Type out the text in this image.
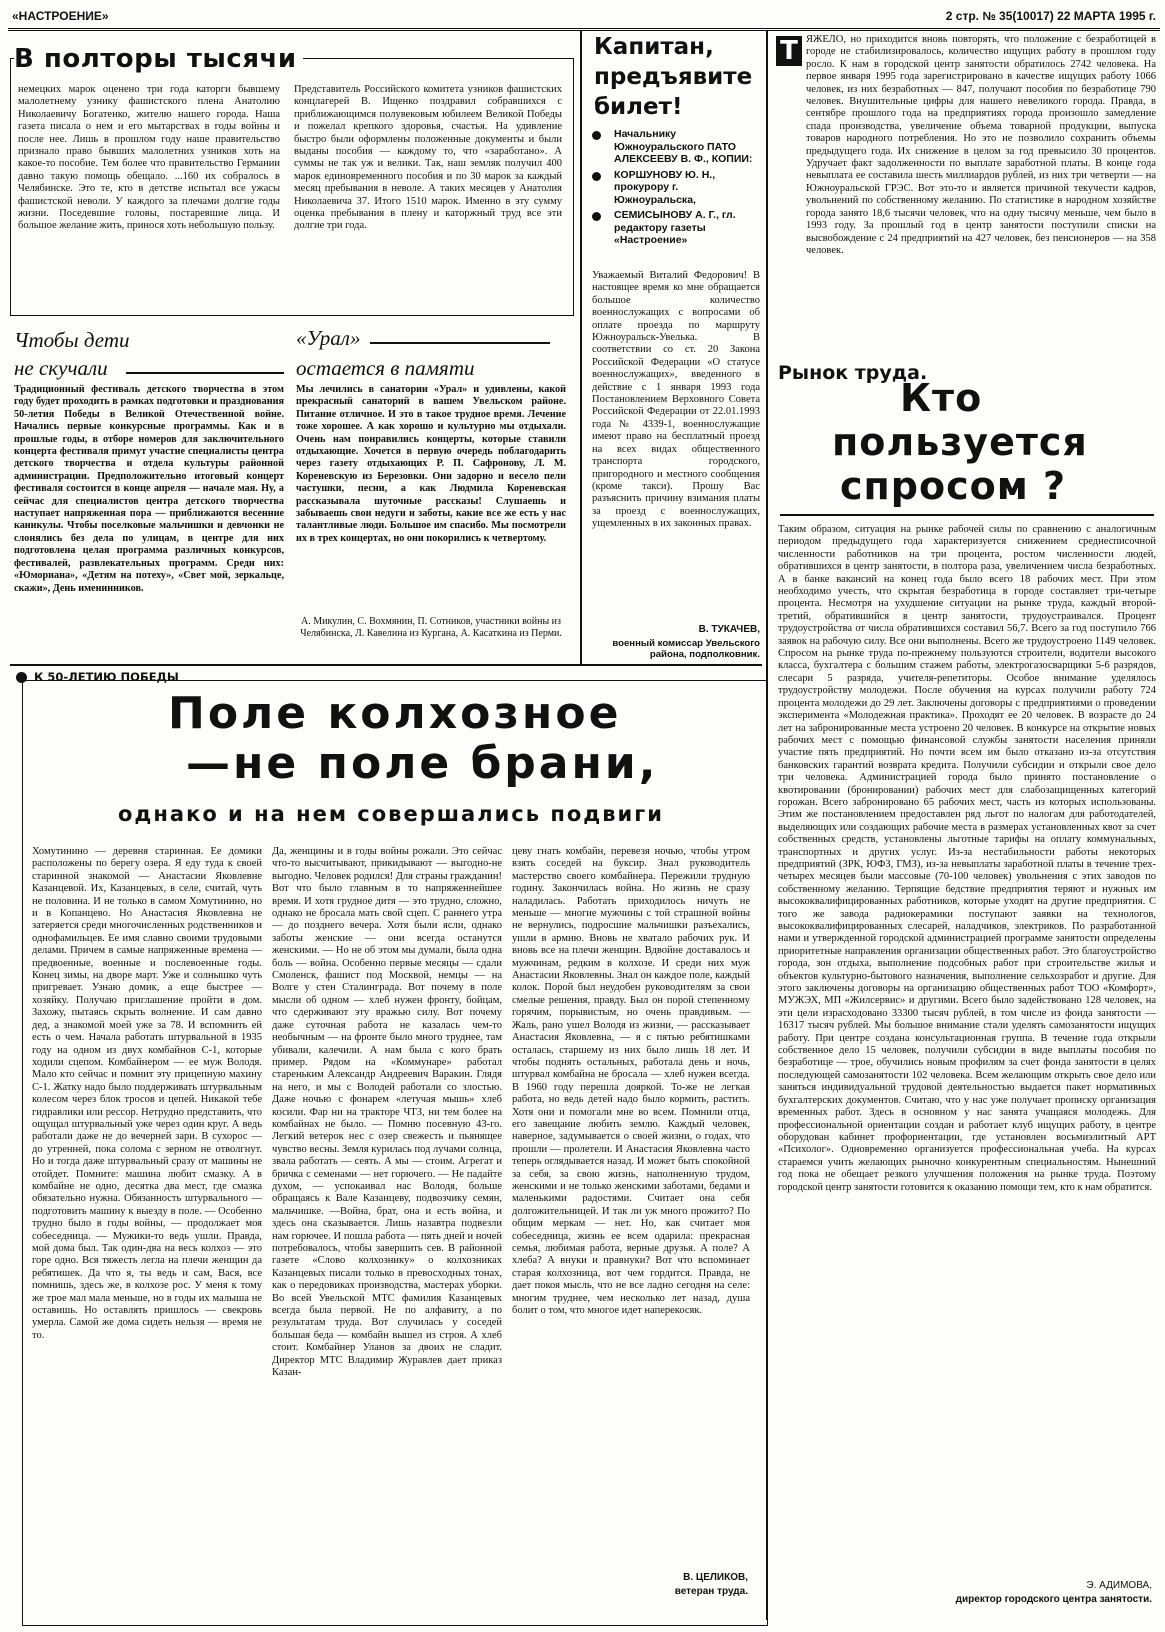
«НАСТРОЕНИЕ»	2 стр. № 35(10017) 22 МАРТА 1995 г.
В полторы тысячи
немецких марок оценено три года каторги бывшему малолетнему узнику фашистского плена Анатолию Николаевичу Богатенко, жителю нашего города. Наша газета писала о нем и его мытарствах в годы войны и после нее. Лишь в прошлом году наше правительство признало право бывших малолетних узников хоть на какое-то пособие. Тем более что правительство Германии давно такую помощь обещало. ...160 их собралось в Челябинске. Это те, кто в детстве испытал все ужасы фашистской неволи. У каждого за плечами долгие годы жизни. Поседевшие головы, постаревшие лица. И большое желание жить, принося хоть небольшую пользу.
Представитель Российского комитета узников фашистских концлагерей В. Ищенко поздравил собравшихся с приближающимся полувековым юбилеем Великой Победы и пожелал крепкого здоровья, счастья. На удивление быстро были оформлены положенные документы и были выданы пособия — каждому то, что «заработано». А суммы не так уж и велики. Так, наш земляк получил 400 марок единовременного пособия и по 30 марок за каждый месяц пребывания в неволе. А таких месяцев у Анатолия Николаевича 37. Итого 1510 марок. Именно в эту сумму оценка пребывания в плену и каторжный труд все эти долгие три года.
Чтобы дети
не скучали
Традиционный фестиваль детского творчества в этом году будет проходить в рамках подготовки и празднования 50-летия Победы в Великой Отечественной войне. Начались первые конкурсные программы. Как и в прошлые годы, в отборе номеров для заключительного концерта фестиваля примут участие специалисты центра детского творчества и отдела культуры районной администрации. Предположительно итоговый концерт фестиваля состоится в конце апреля — начале мая. Ну, а сейчас для специалистов центра детского творчества наступает напряженная пора — приближаются весенние каникулы. Чтобы поселковые мальчишки и девчонки не слонялись без дела по улицам, в центре для них подготовлена целая программа различных конкурсов, фестивалей, развлекательных программ. Среди них: «Юмориана», «Детям на потеху», «Свет мой, зеркальце, скажи», День именинников.
«Урал»
остается в памяти
Мы лечились в санатории «Урал» и удивлены, какой прекрасный санаторий в вашем Увельском районе. Питание отличное. И это в такое трудное время. Лечение тоже хорошее. А как хорошо и культурно мы отдыхали. Очень нам понравились концерты, которые ставили отдыхающие. Хочется в первую очередь поблагодарить через газету отдыхающих Р. П. Сафронову, Л. М. Кореневскую из Березовки. Они задорно и весело пели частушки, песни, а как Людмила Кореневская рассказывала шуточные рассказы! Слушаешь и забываешь свои недуги и заботы, какие все же есть у нас талантливые люди. Большое им спасибо. Мы посмотрели их в трех концертах, но они покорились к четвертому.
А. Микулин, С. Вохмянин, П. Сотников, участники войны из Челябинска, Л. Кавелина из Кургана, А. Касаткина из Перми.
Капитан, предъявите билет!
Начальнику Южноуральского ПАТО АЛЕКСЕЕВУ В. Ф., КОПИИ:
КОРШУНОВУ Ю. Н., прокурору г. Южноуральска,
СЕМИСЫНОВУ А. Г., гл. редактору газеты «Настроение»
Уважаемый Виталий Федорович! В настоящее время ко мне обращается большое количество военнослужащих с вопросами об оплате проезда по маршруту Южноуральск-Увелька. В соответствии со ст. 20 Закона Российской Федерации «О статусе военнослужащих», введенного в действие с 1 января 1993 года Постановлением Верховного Совета Российской Федерации от 22.01.1993 года № 4339-1, военнослужащие имеют право на бесплатный проезд на всех видах общественного транспорта городского, пригородного и местного сообщения (кроме такси). Прошу Вас разъяснить причину взимания платы за проезд с военнослужащих, ущемленных в их законных правах.
В. ТУКАЧЕВ,
военный комиссар Увельского района, подполковник.
Т ЯЖЕЛО, но приходится вновь повторять, что положение с безработицей в городе не стабилизировалось, количество ищущих работу в прошлом году росло. К нам в городской центр занятости обратилось 2742 человека. На первое января 1995 года зарегистрировано в качестве ищущих работу 1066 человек, из них безработных — 847, получают пособия по безработице 790 человек. Внушительные цифры для нашего невеликого города. Правда, в сентябре прошлого года на предприятиях города произошло замедление спада производства, увеличение объема товарной продукции, выпуска товаров народного потребления. Но это не позволило сохранить объемы предыдущего года. Их снижение в целом за год превысило 30 процентов. Удручает факт задолженности по выплате заработной платы. В конце года невыплата ее составила шесть миллиардов рублей, из них три четверти — на Южноуральской ГРЭС. Вот это-то и является причиной текучести кадров, увольнений по собственному желанию. По статистике в народном хозяйстве города занято 18,6 тысячи человек, что на одну тысячу меньше, чем было в 1993 году. За прошлый год в центр занятости поступили списки на высвобождение с 24 предприятий на 427 человек, без пенсионеров — на 358 человек.
Рынок труда.
Кто
пользуется
спросом ?
Таким образом, ситуация на рынке рабочей силы по сравнению с аналогичным периодом предыдущего года характеризуется снижением среднесписочной численности работников на три процента, ростом численности людей, обратившихся в центр занятости, в полтора раза, увеличением числа безработных. А в банке вакансий на конец года было всего 18 рабочих мест. При этом необходимо учесть, что скрытая безработица в городе составляет три-четыре процента. Несмотря на ухудшение ситуации на рынке труда, каждый второй-третий, обратившийся в центр занятости, трудоустраивался. Процент трудоустройства от числа обратившихся составил 56,7. Всего за год поступило 766 заявок на рабочую силу. Все они выполнены. Всего же трудоустроено 1149 человек. Спросом на рынке труда по-прежнему пользуются строители, водители высокого класса, бухгалтера с большим стажем работы, электрогазосварщики 5-6 разрядов, слесари 5 разряда, учителя-репетиторы. Особое внимание уделялось трудоустройству молодежи. После обучения на курсах получили работу 724 процента молодежи до 29 лет. Заключены договоры с предприятиями о проведении эксперимента «Молодежная практика». Проходят ее 20 человек. В возрасте до 24 лет на забронированные места устроено 20 человек. В конкурсе на открытие новых рабочих мест с помощью финансовой службы занятости населения приняли участие пять предприятий. Но почти всем им было отказано из-за отсутствия банковских гарантий возврата кредита. Получили субсидии и открыли свое дело три человека. Администрацией города было принято постановление о квотировании (бронировании) рабочих мест для слабозащищенных категорий горожан. Всего забронировано 65 рабочих мест, часть из которых использованы. Этим же постановлением предоставлен ряд льгот по налогам для работодателей, выделяющих или создающих рабочие места в размерах установленных квот за счет собственных средств, установлены льготные тарифы на оплату коммунальных, транспортных и других услуг. Из-за нестабильности работы некоторых предприятий (ЗРК, ЮФЗ, ГМЗ), из-за невыплаты заработной платы в течение трех-четырех месяцев были массовые (70-100 человек) увольнения с этих заводов по собственному желанию. Терпящие бедствие предприятия теряют и нужных им высококвалифицированных работников, которые уходят на другие предприятия. С того же завода радиокерамики поступают заявки на технологов, высококвалифицированных слесарей, наладчиков, электриков. По разработанной нами и утвержденной городской администрацией программе занятости определены приоритетные направления организации общественных работ. Это благоустройство города, зон отдыха, выполнение подсобных работ при строительстве жилья и объектов культурно-бытового назначения, выполнение сельхозработ и другие. Для этого заключены договоры на организацию общественных работ ТОО «Комфорт», МУЖЭХ, МП «Жилсервис» и другими. Всего было задействовано 128 человек, на эти цели израсходовано 33300 тысяч рублей, в том числе из фонда занятости — 16317 тысяч рублей. Мы большое внимание стали уделять самозанятости ищущих работу. При центре создана консультационная группа. В течение года открыли собственное дело 15 человек, получили субсидии в виде выплаты пособия по безработице — трое, обучились новым профилям за счет фонда занятости в целях последующей самозанятости 102 человека. Всем желающим открыть свое дело или заняться индивидуальной трудовой деятельностью выдается пакет нормативных бухгалтерских документов. Считаю, что у нас уже получает прописку организация временных работ. Здесь в основном у нас занята учащаяся молодежь. Для профессиональной ориентации создан и работает клуб ищущих работу, в центре оборудован кабинет профориентации, где установлен восьмиэлитный АРТ «Психолог». Одновременно организуется профессиональная учеба. На курсах стараемся учить желающих рыночно конкурентным специальностям. Нынешний год пока не обещает резкого улучшения положения на рынке труда. Поэтому городской центр занятости готовится к оказанию помощи тем, кто к нам обратится.
Э. АДИМОВА,
директор городского центра занятости.
К 50-ЛЕТИЮ ПОБЕДЫ
Поле колхозное
—не поле брани,
однако и на нем совершались подвиги
Хомутинино — деревня старинная. Ее домики расположены по берегу озера. Я еду туда к своей старинной знакомой — Анастасии Яковлевне Казанцевой. Их, Казанцевых, в селе, считай, чуть не половина. И не только в самом Хомутинино, но и в Копанцево. Но Анастасия Яковлевна не затеряется среди многочисленных родственников и однофамильцев. Ее имя славно своими трудовыми делами. Причем в самые напряженные времена — предвоенные, военные и послевоенные годы. Конец зимы, на дворе март. Уже и солнышко чуть пригревает. Узнаю домик, а еще быстрее — хозяйку. Получаю приглашение пройти в дом. Захожу, пытаясь скрыть волнение. И сам давно дед, а знакомой моей уже за 78. И вспомнить ей есть о чем. Начала работать штурвальной в 1935 году на одном из двух комбайнов С-1, которые ходили сцепом. Комбайнером — ее муж Володя. Мало кто сейчас и помнит эту прицепную махину С-1. Жатку надо было поддерживать штурвальным колесом через блок тросов и цепей. Никакой тебе гидравлики или рессор. Нетрудно представить, что ощущал штурвальный уже через один круг. А ведь работали даже не до вечерней зари. В сухорос — до утренней, пока солома с зерном не отволгнут. Но и тогда даже штурвальный сразу от машины не отойдет. Помните: машина любит смазку. А в комбайне не одно, десятка два мест, где смазка обязательно нужна. Обязанность штурвального — подготовить машину к выезду в поле. — Особенно трудно было в годы войны, — продолжает моя собеседница. — Мужики-то ведь ушли. Правда, мой дома был. Так один-два на весь колхоз — это горе одно. Вся тяжесть легла на плечи женщин да ребятишек. Да что я, ты ведь и сам, Вася, все помнишь, здесь же, в колхозе рос. У меня к тому же трое мал мала меньше, но в годы их малыша не оставишь. Но оставлять пришлось — свекровь умерла. Самой же дома сидеть нельзя — время не то.
Да, женщины и в годы войны рожали. Это сейчас что-то высчитывают, прикидывают — выгодно-не выгодно. Человек родился! Для страны гражданин! Вот что было главным в то напряженнейшее время. И хотя грудное дитя — это трудно, сложно, однако не бросала мать свой сцеп. С раннего утра — до позднего вечера. Хотя были ясли, однако заботы женские — они всегда останутся женскими. — Но не об этом мы думали, была одна боль — война. Особенно первые месяцы — сдали Смоленск, фашист под Москвой, немцы — на Волге у стен Сталинграда. Вот почему в поле мысли об одном — хлеб нужен фронту, бойцам, что сдерживают эту вражью силу. Вот почему даже суточная работа не казалась чем-то необычным — на фронте было много труднее, там убивали, калечили. А нам была с кого брать пример. Рядом на «Коммунаре» работал стареньким Александр Андреевич Варакин. Глядя на него, и мы с Володей работали со злостью. Даже ночью с фонарем «летучая мышь» хлеб косили. Фар ни на тракторе ЧТЗ, ни тем более на комбайнах не было. — Помню посевную 43-го. Легкий ветерок нес с озер свежесть и пьянящее чувство весны. Земля курилась под лучами солнца, звала работать — сеять. А мы — стоим. Агрегат и бричка с семенами — нет горючего. — Не падайте духом, — успокаивал нас Володя, больше обращаясь к Вале Казанцеву, подвозчику семян, мальчишке. —Война, брат, она и есть война, и здесь она сказывается. Лишь назавтра подвезли нам горючее. И пошла работа — пять дней и ночей потребовалось, чтобы завершить сев. В районной газете «Слово колхознику» о колхозниках Казанцевых писали только в превосходных тонах, как о передовиках производства, мастерах уборки. Во всей Увельской МТС фамилия Казанцевых всегда была первой. Не по алфавиту, а по результатам труда. Вот случилась у соседей большая беда — комбайн вышел из строя. А хлеб стоит. Комбайнер Уланов за двоих не сладит. Директор МТС Владимир Журавлев дает приказ Казан-
цеву гнать комбайн, перевезя ночью, чтобы утром взять соседей на буксир. Знал руководитель мастерство своего комбайнера. Пережили трудную годину. Закончилась война. Но жизнь не сразу наладилась. Работать приходилось ничуть не меньше — многие мужчины с той страшной войны не вернулись, подросшие мальчишки разъехались, ушли в армию. Вновь не хватало рабочих рук. И вновь все на плечи женщин. Вдвойне доставалось и мужчинам, редким в колхозе. И среди них муж Анастасии Яковлевны. Знал он каждое поле, каждый колок. Порой был неудобен руководителям за свои смелые решения, правду. Был он порой степенному горячим, порывистым, но очень правдивым. — Жаль, рано ушел Володя из жизни, — рассказывает Анастасия Яковлевна, — я с пятью ребятишками осталась, старшему из них было лишь 18 лет. И чтобы поднять остальных, работала день и ночь, штурвал комбайна не бросала — хлеб нужен всегда. В 1960 году перешла дояркой. То-же не легкая работа, но ведь детей надо было кормить, растить. Хотя они и помогали мне во всем. Помнили отца, его завещание любить землю. Каждый человек, наверное, задумывается о своей жизни, о годах, что прошли — пролетели. И Анастасия Яковлевна часто теперь оглядывается назад. И может быть спокойной за себя, за свою жизнь, наполненную трудом, женскими и не только женскими заботами, бедами и маленькими радостями. Считает она себя долгожительницей. И так ли уж много прожито? По общим меркам — нет. Но, как считает моя собеседница, жизнь ее всем одарила: прекрасная семья, любимая работа, верные друзья. А поле? А хлеба? А внуки и правнуки? Вот что вспоминает старая колхозница, вот чем гордится. Правда, не дает покоя мысль, что не все ладно сегодня на селе: многим труднее, чем несколько лет назад, душа болит о том, что многое идет наперекосяк.
В. ЦЕЛИКОВ,
ветеран труда.
